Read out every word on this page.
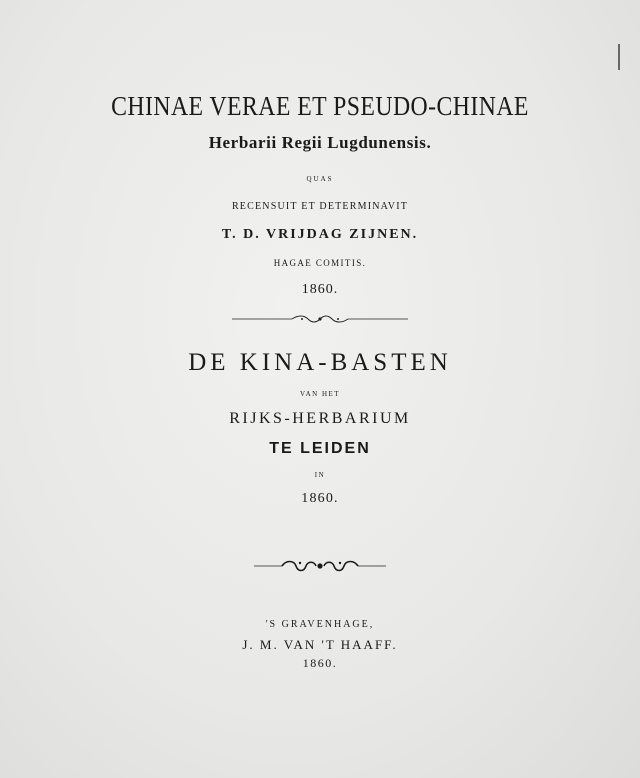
CHINAE VERAE ET PSEUDO-CHINAE
Herbarii Regii Lugdunensis.
QUAS
RECENSUIT ET DETERMINAVIT
T. D. VRIJDAG ZIJNEN.
HAGAE COMITIS.
1860.
DE KINA-BASTEN
VAN HET
RIJKS-HERBARIUM
TE LEIDEN
IN
1860.
'S GRAVENHAGE,
J. M. VAN 'T HAAFF.
1860.
